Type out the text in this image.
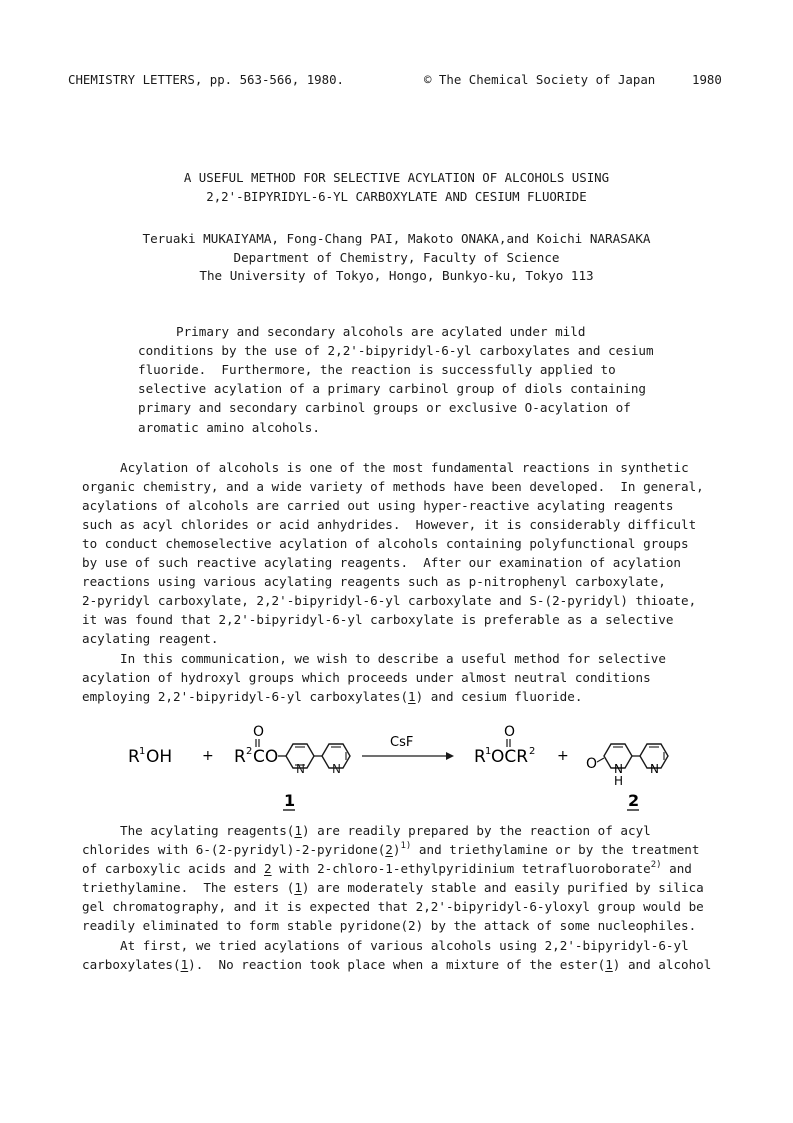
CHEMISTRY LETTERS, pp. 563-566, 1980.	© The Chemical Society of Japan	1980
A USEFUL METHOD FOR SELECTIVE ACYLATION OF ALCOHOLS USING
2,2'-BIPYRIDYL-6-YL CARBOXYLATE AND CESIUM FLUORIDE
Teruaki MUKAIYAMA, Fong-Chang PAI, Makoto ONAKA,and Koichi NARASAKA
Department of Chemistry, Faculty of Science
The University of Tokyo, Hongo, Bunkyo-ku, Tokyo 113
Primary and secondary alcohols are acylated under mild
conditions by the use of 2,2'-bipyridyl-6-yl carboxylates and cesium
fluoride.  Furthermore, the reaction is successfully applied to
selective acylation of a primary carbinol group of diols containing
primary and secondary carbinol groups or exclusive O-acylation of
aromatic amino alcohols.
Acylation of alcohols is one of the most fundamental reactions in synthetic
organic chemistry, and a wide variety of methods have been developed.  In general,
acylations of alcohols are carried out using hyper-reactive acylating reagents
such as acyl chlorides or acid anhydrides.  However, it is considerably difficult
to conduct chemoselective acylation of alcohols containing polyfunctional groups
by use of such reactive acylating reagents.  After our examination of acylation
reactions using various acylating reagents such as p-nitrophenyl carboxylate,
2-pyridyl carboxylate, 2,2'-bipyridyl-6-yl carboxylate and S-(2-pyridyl) thioate,
it was found that 2,2'-bipyridyl-6-yl carboxylate is preferable as a selective
acylating reagent.
In this communication, we wish to describe a useful method for selective
acylation of hydroxyl groups which proceeds under almost neutral conditions
employing 2,2'-bipyridyl-6-yl carboxylates(1) and cesium fluoride.
R 1 OH + R 2
O
CO
N N
CsF
R 1
O
OCR 2 + O N
H
N
1	2
The acylating reagents(1) are readily prepared by the reaction of acyl
chlorides with $6-(2-pyridyl)-2-pyridone(2)^{1)}$ and triethylamine or by the treatment
of carboxylic acids and 2 with 2-chloro-1-ethylpyridinium tetrafluoroborate$^{2)}$ and
triethylamine.  The esters (1) are moderately stable and easily purified by silica
gel chromatography, and it is expected that 2,2'-bipyridyl-6-yloxyl group would be
readily eliminated to form stable pyridone(2) by the attack of some nucleophiles.
At first, we tried acylations of various alcohols using 2,2'-bipyridyl-6-yl
carboxylates(1).  No reaction took place when a mixture of the ester(1) and alcohol
